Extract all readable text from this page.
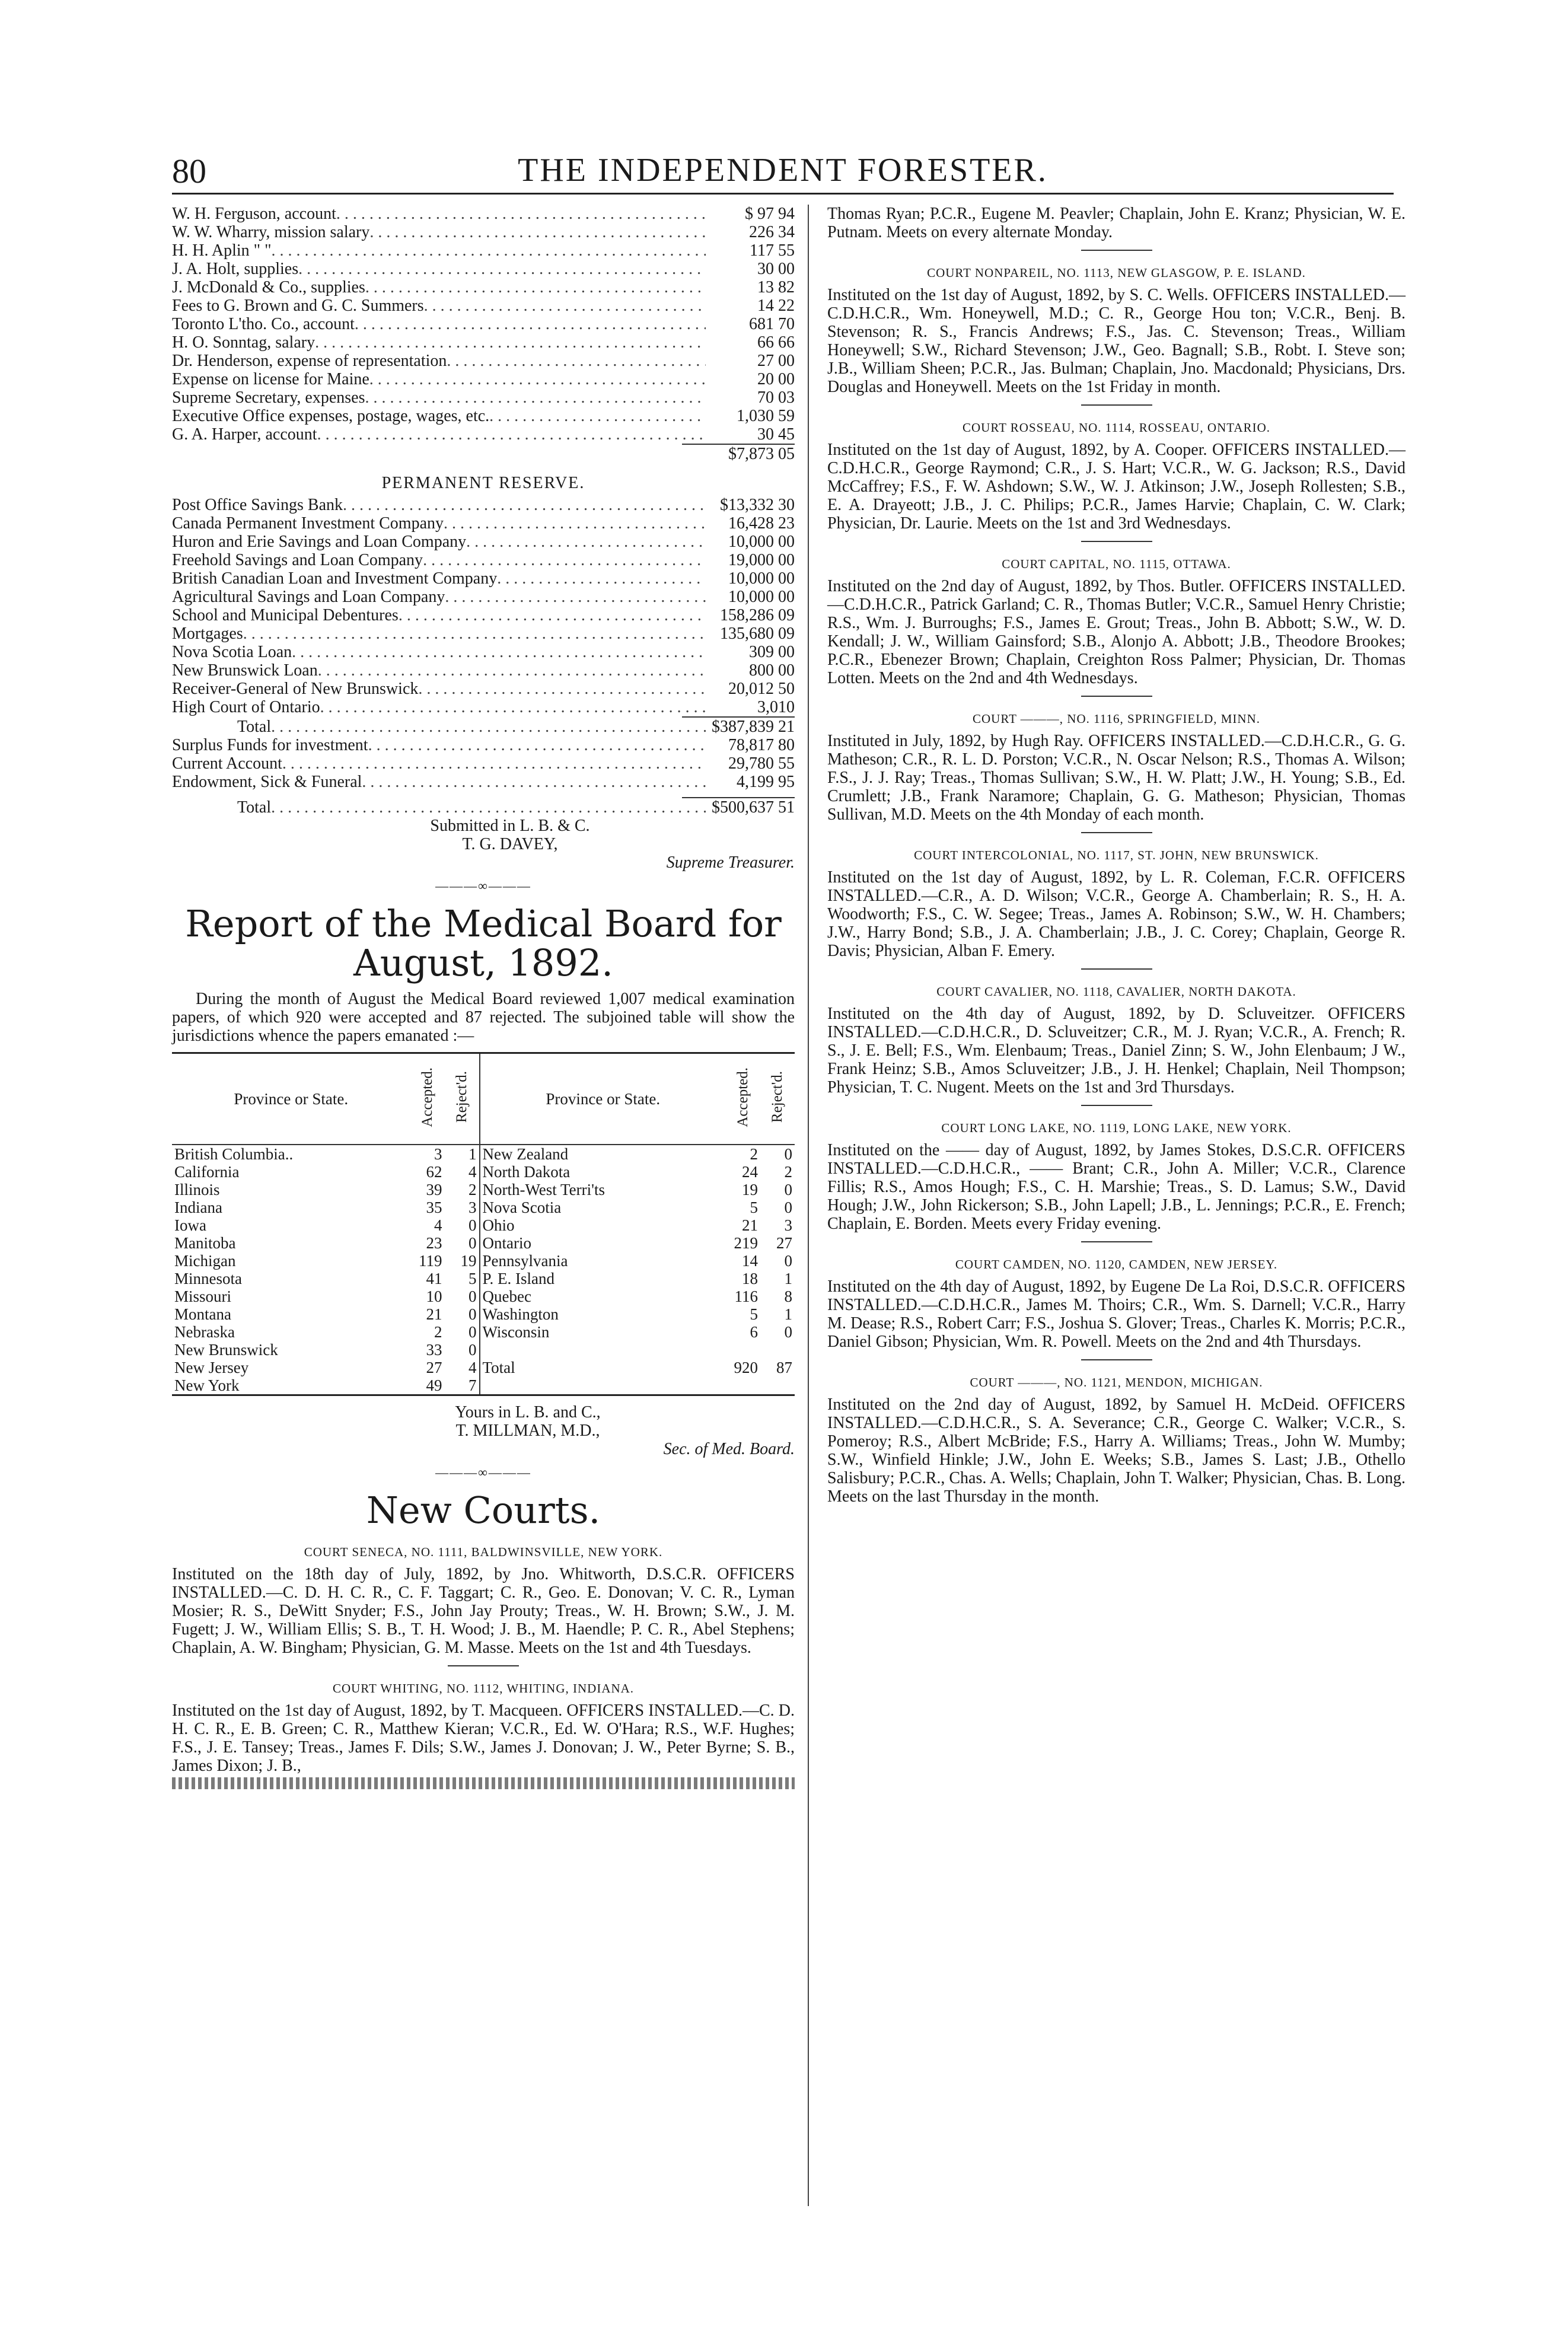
80	THE INDEPENDENT FORESTER.
W. H. Ferguson, account . . .	$ 97 94
W. W. Wharry, mission salary . . .	226 34
H. H. Aplin " " . . .	117 55
J. A. Holt, supplies . . .	30 00
J. McDonald & Co., supplies . . .	13 82
Fees to G. Brown and G. C. Summers . . .	14 22
Toronto L'tho. Co., account . . .	681 70
H. O. Sonntag, salary . . .	66 66
Dr. Henderson, expense of representation . . .	27 00
Expense on license for Maine . . .	20 00
Supreme Secretary, expenses . . .	70 03
Executive Office expenses, postage, wages, etc. . . .	1,030 59
G. A. Harper, account . . .	30 45
$7,873 05
PERMANENT RESERVE.
Post Office Savings Bank . . .	$13,332 30
Canada Permanent Investment Company . . .	16,428 23
Huron and Erie Savings and Loan Company . . .	10,000 00
Freehold Savings and Loan Company . . .	19,000 00
British Canadian Loan and Investment Company . . .	10,000 00
Agricultural Savings and Loan Company . . .	10,000 00
School and Municipal Debentures . . .	158,286 09
Mortgages . . .	135,680 09
Nova Scotia Loan . . .	309 00
New Brunswick Loan . . .	800 00
Receiver-General of New Brunswick . . .	20,012 50
High Court of Ontario . . .	3,010
Total . . .	$387,839 21
Surplus Funds for investment . . .	78,817 80
Current Account . . .	29,780 55
Endowment, Sick & Funeral . . .	4,199 95
Total . . .	$500,637 51
Submitted in L. B. & C.
T. G. DAVEY,
Supreme Treasurer.
———∞———
Report of the Medical Board for August, 1892.

During the month of August the Medical Board reviewed 1,007 medical examination papers, of which 920 were accepted and 87 rejected. The subjoined table will show the jurisdictions whence the papers emanated :—

Province or State.	Accepted.	Reject'd.	Province or State.	Accepted.	Reject'd.
British Columbia..	3	1	New Zealand	2	0
California	62	4	North Dakota	24	2
Illinois	39	2	North-West Terri'ts	19	0
Indiana	35	3	Nova Scotia	5	0
Iowa	4	0	Ohio	21	3
Manitoba	23	0	Ontario	219	27
Michigan	119	19	Pennsylvania	14	0
Minnesota	41	5	P. E. Island	18	1
Missouri	10	0	Quebec	116	8
Montana	21	0	Washington	5	1
Nebraska	2	0	Wisconsin	6	0
New Brunswick	33	0			
New Jersey	27	4	Total	920	87
New York	49	7			
Yours in L. B. and C.,
T. MILLMAN, M.D.,
Sec. of Med. Board.
———∞———
New Courts.
COURT SENECA, NO. 1111, BALDWINSVILLE, NEW YORK.

Instituted on the 18th day of July, 1892, by Jno. Whitworth, D.S.C.R. OFFICERS INSTALLED.—C. D. H. C. R., C. F. Taggart; C. R., Geo. E. Donovan; V. C. R., Lyman Mosier; R. S., DeWitt Snyder; F.S., John Jay Prouty; Treas., W. H. Brown; S.W., J. M. Fugett; J. W., William Ellis; S. B., T. H. Wood; J. B., M. Haendle; P. C. R., Abel Stephens; Chaplain, A. W. Bingham; Physician, G. M. Masse. Meets on the 1st and 4th Tuesdays.

COURT WHITING, NO. 1112, WHITING, INDIANA.

Instituted on the 1st day of August, 1892, by T. Macqueen. OFFICERS INSTALLED.—C. D. H. C. R., E. B. Green; C. R., Matthew Kieran; V.C.R., Ed. W. O'Hara; R.S., W.F. Hughes; F.S., J. E. Tansey; Treas., James F. Dils; S.W., James J. Donovan; J. W., Peter Byrne; S. B., James Dixon; J. B.,

Thomas Ryan; P.C.R., Eugene M. Peavler; Chaplain, John E. Kranz; Physician, W. E. Putnam. Meets on every alternate Monday.

COURT NONPAREIL, NO. 1113, NEW GLASGOW, P. E. ISLAND.

Instituted on the 1st day of August, 1892, by S. C. Wells. OFFICERS INSTALLED.—C.D.H.C.R., Wm. Honeywell, M.D.; C. R., George Hou ton; V.C.R., Benj. B. Stevenson; R. S., Francis Andrews; F.S., Jas. C. Stevenson; Treas., William Honeywell; S.W., Richard Stevenson; J.W., Geo. Bagnall; S.B., Robt. I. Steve son; J.B., William Sheen; P.C.R., Jas. Bulman; Chaplain, Jno. Macdonald; Physicians, Drs. Douglas and Honeywell. Meets on the 1st Friday in month.

COURT ROSSEAU, NO. 1114, ROSSEAU, ONTARIO.

Instituted on the 1st day of August, 1892, by A. Cooper. OFFICERS INSTALLED.—C.D.H.C.R., George Raymond; C.R., J. S. Hart; V.C.R., W. G. Jackson; R.S., David McCaffrey; F.S., F. W. Ashdown; S.W., W. J. Atkinson; J.W., Joseph Rollesten; S.B., E. A. Drayeott; J.B., J. C. Philips; P.C.R., James Harvie; Chaplain, C. W. Clark; Physician, Dr. Laurie. Meets on the 1st and 3rd Wednesdays.

COURT CAPITAL, NO. 1115, OTTAWA.

Instituted on the 2nd day of August, 1892, by Thos. Butler. OFFICERS INSTALLED.—C.D.H.C.R., Patrick Garland; C. R., Thomas Butler; V.C.R., Samuel Henry Christie; R.S., Wm. J. Burroughs; F.S., James E. Grout; Treas., John B. Abbott; S.W., W. D. Kendall; J. W., William Gainsford; S.B., Alonjo A. Abbott; J.B., Theodore Brookes; P.C.R., Ebenezer Brown; Chaplain, Creighton Ross Palmer; Physician, Dr. Thomas Lotten. Meets on the 2nd and 4th Wednesdays.

COURT ———, NO. 1116, SPRINGFIELD, MINN.

Instituted in July, 1892, by Hugh Ray. OFFICERS INSTALLED.—C.D.H.C.R., G. G. Matheson; C.R., R. L. D. Porston; V.C.R., N. Oscar Nelson; R.S., Thomas A. Wilson; F.S., J. J. Ray; Treas., Thomas Sullivan; S.W., H. W. Platt; J.W., H. Young; S.B., Ed. Crumlett; J.B., Frank Naramore; Chaplain, G. G. Matheson; Physician, Thomas Sullivan, M.D. Meets on the 4th Monday of each month.

COURT INTERCOLONIAL, NO. 1117, ST. JOHN, NEW BRUNSWICK.

Instituted on the 1st day of August, 1892, by L. R. Coleman, F.C.R. OFFICERS INSTALLED.—C.R., A. D. Wilson; V.C.R., George A. Chamberlain; R. S., H. A. Woodworth; F.S., C. W. Segee; Treas., James A. Robinson; S.W., W. H. Chambers; J.W., Harry Bond; S.B., J. A. Chamberlain; J.B., J. C. Corey; Chaplain, George R. Davis; Physician, Alban F. Emery.

COURT CAVALIER, NO. 1118, CAVALIER, NORTH DAKOTA.

Instituted on the 4th day of August, 1892, by D. Scluveitzer. OFFICERS INSTALLED.—C.D.H.C.R., D. Scluveitzer; C.R., M. J. Ryan; V.C.R., A. French; R. S., J. E. Bell; F.S., Wm. Elenbaum; Treas., Daniel Zinn; S. W., John Elenbaum; J W., Frank Heinz; S.B., Amos Scluveitzer; J.B., J. H. Henkel; Chaplain, Neil Thompson; Physician, T. C. Nugent. Meets on the 1st and 3rd Thursdays.

COURT LONG LAKE, NO. 1119, LONG LAKE, NEW YORK.

Instituted on the —— day of August, 1892, by James Stokes, D.S.C.R. OFFICERS INSTALLED.—C.D.H.C.R., —— Brant; C.R., John A. Miller; V.C.R., Clarence Fillis; R.S., Amos Hough; F.S., C. H. Marshie; Treas., S. D. Lamus; S.W., David Hough; J.W., John Rickerson; S.B., John Lapell; J.B., L. Jennings; P.C.R., E. French; Chaplain, E. Borden. Meets every Friday evening.

COURT CAMDEN, NO. 1120, CAMDEN, NEW JERSEY.

Instituted on the 4th day of August, 1892, by Eugene De La Roi, D.S.C.R. OFFICERS INSTALLED.—C.D.H.C.R., James M. Thoirs; C.R., Wm. S. Darnell; V.C.R., Harry M. Dease; R.S., Robert Carr; F.S., Joshua S. Glover; Treas., Charles K. Morris; P.C.R., Daniel Gibson; Physician, Wm. R. Powell. Meets on the 2nd and 4th Thursdays.

COURT ———, NO. 1121, MENDON, MICHIGAN.

Instituted on the 2nd day of August, 1892, by Samuel H. McDeid. OFFICERS INSTALLED.—C.D.H.C.R., S. A. Severance; C.R., George C. Walker; V.C.R., S. Pomeroy; R.S., Albert McBride; F.S., Harry A. Williams; Treas., John W. Mumby; S.W., Winfield Hinkle; J.W., John E. Weeks; S.B., James S. Last; J.B., Othello Salisbury; P.C.R., Chas. A. Wells; Chaplain, John T. Walker; Physician, Chas. B. Long. Meets on the last Thursday in the month.
